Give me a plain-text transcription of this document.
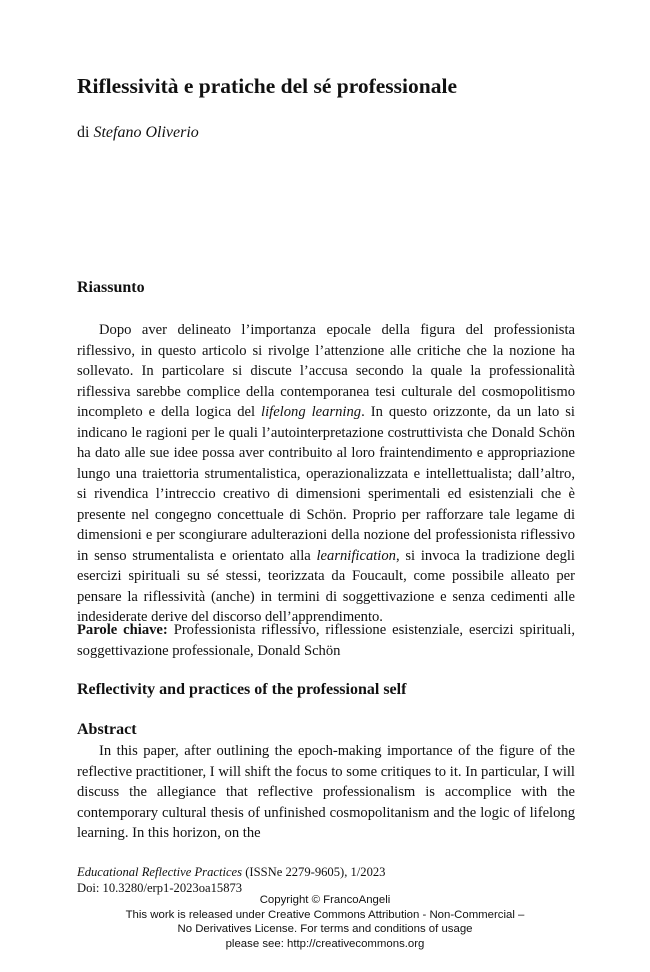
Riflessività e pratiche del sé professionale
di Stefano Oliverio
Riassunto

Dopo aver delineato l’importanza epocale della figura del professionista riflessivo, in questo articolo si rivolge l’attenzione alle critiche che la nozione ha sollevato. In particolare si discute l’accusa secondo la quale la professionalità riflessiva sarebbe complice della contemporanea tesi culturale del cosmopolitismo incompleto e della logica del lifelong learning. In questo orizzonte, da un lato si indicano le ragioni per le quali l’autointerpretazione costruttivista che Donald Schön ha dato alle sue idee possa aver contribuito al loro fraintendimento e appropriazione lungo una traiettoria strumentalistica, operazionalizzata e intellettualista; dall’altro, si rivendica l’intreccio creativo di dimensioni sperimentali ed esistenziali che è presente nel congegno concettuale di Schön. Proprio per rafforzare tale legame di dimensioni e per scongiurare adulterazioni della nozione del professionista riflessivo in senso strumentalista e orientato alla learnification, si invoca la tradizione degli esercizi spirituali su sé stessi, teorizzata da Foucault, come possibile alleato per pensare la riflessività (anche) in termini di soggettivazione e senza cedimenti alle indesiderate derive del discorso dell’apprendimento.

Parole chiave: Professionista riflessivo, riflessione esistenziale, esercizi spirituali, soggettivazione professionale, Donald Schön

Reflectivity and practices of the professional self
Abstract

In this paper, after outlining the epoch-making importance of the figure of the reflective practitioner, I will shift the focus to some critiques to it. In particular, I will discuss the allegiance that reflective professionalism is accomplice with the contemporary cultural thesis of unfinished cosmopolitanism and the logic of lifelong learning. In this horizon, on the

Educational Reflective Practices (ISSNe 2279-9605), 1/2023
Doi: 10.3280/erp1-2023oa15873
Copyright © FrancoAngeli
This work is released under Creative Commons Attribution - Non-Commercial –
No Derivatives License. For terms and conditions of usage
please see: http://creativecommons.org
